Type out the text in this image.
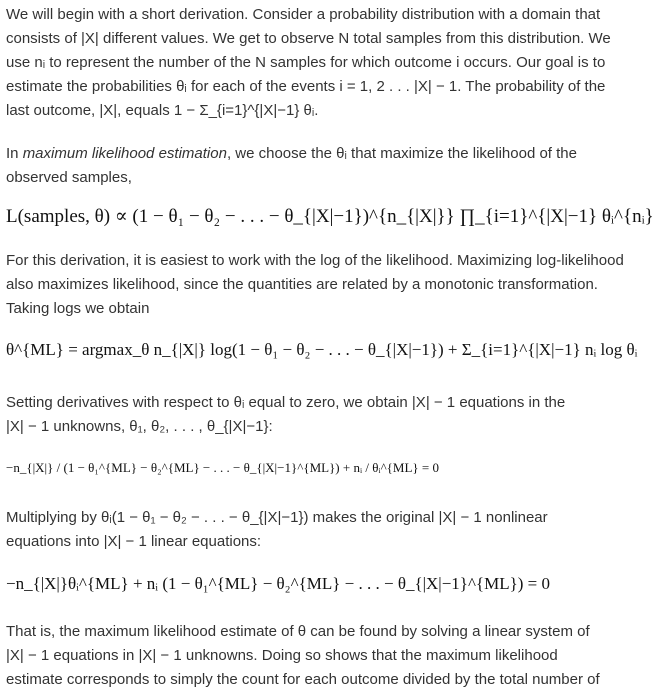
We will begin with a short derivation. Consider a probability distribution with a domain that
consists of |X| different values. We get to observe N total samples from this distribution. We
use nᵢ to represent the number of the N samples for which outcome i occurs. Our goal is to
estimate the probabilities θᵢ for each of the events i = 1, 2 . . . |X| − 1. The probability of the
last outcome, |X|, equals 1 − Σ_{i=1}^{|X|−1} θᵢ.

In maximum likelihood estimation, we choose the θᵢ that maximize the likelihood of the
observed samples,

L(samples, θ) ∝ (1 − θ₁ − θ₂ − . . . − θ_{|X|−1})^{n_{|X|}} ∏_{i=1}^{|X|−1} θᵢ^{nᵢ}

For this derivation, it is easiest to work with the log of the likelihood. Maximizing log-likelihood
also maximizes likelihood, since the quantities are related by a monotonic transformation.
Taking logs we obtain

θ^{ML} = argmax_θ n_{|X|} log(1 − θ₁ − θ₂ − . . . − θ_{|X|−1}) + Σ_{i=1}^{|X|−1} nᵢ log θᵢ

Setting derivatives with respect to θᵢ equal to zero, we obtain |X| − 1 equations in the
|X| − 1 unknowns, θ₁, θ₂, . . . , θ_{|X|−1}:

−n_{|X|} / (1 − θ₁^{ML} − θ₂^{ML} − . . . − θ_{|X|−1}^{ML}) + nᵢ / θᵢ^{ML} = 0

Multiplying by θᵢ(1 − θ₁ − θ₂ − . . . − θ_{|X|−1}) makes the original |X| − 1 nonlinear
equations into |X| − 1 linear equations:

−n_{|X|}θᵢ^{ML} + nᵢ (1 − θ₁^{ML} − θ₂^{ML} − . . . − θ_{|X|−1}^{ML}) = 0

That is, the maximum likelihood estimate of θ can be found by solving a linear system of
|X| − 1 equations in |X| − 1 unknowns. Doing so shows that the maximum likelihood
estimate corresponds to simply the count for each outcome divided by the total number of
